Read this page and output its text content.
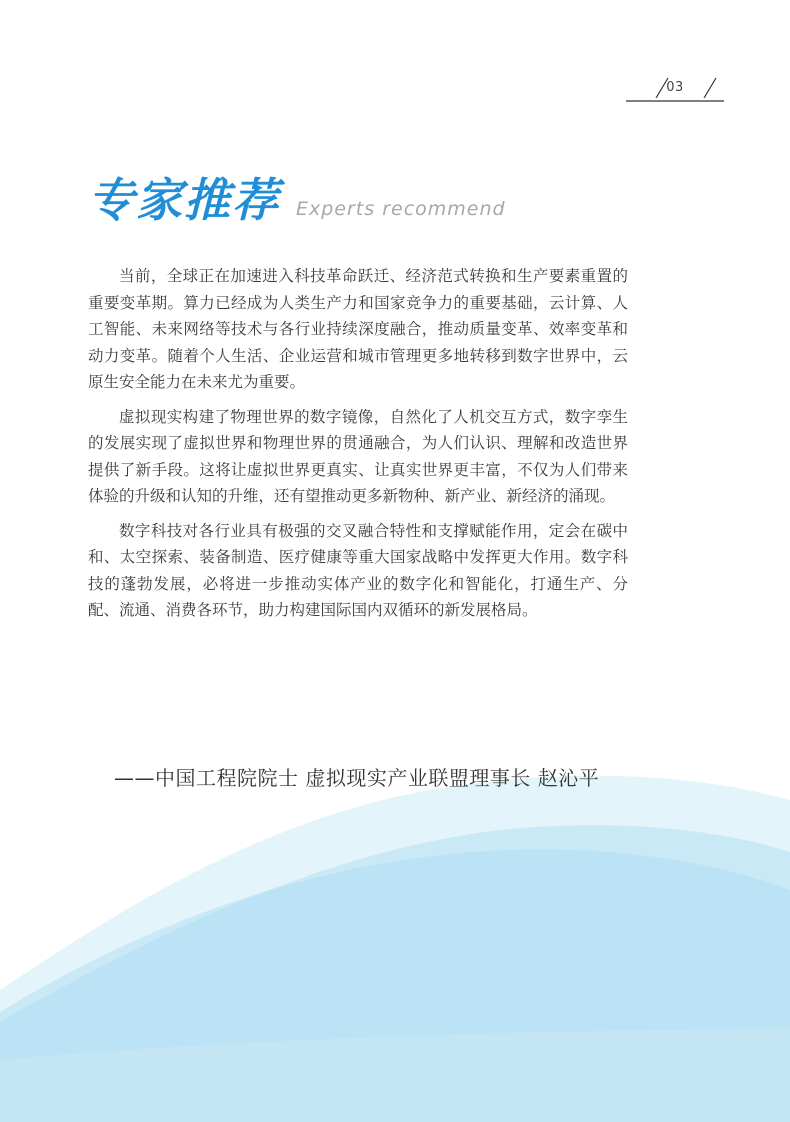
03
专家推荐 Experts recommend

当前，全球正在加速进入科技革命跃迁、经济范式转换和生产要素重置的重要变革期。算力已经成为人类生产力和国家竞争力的重要基础，云计算、人工智能、未来网络等技术与各行业持续深度融合，推动质量变革、效率变革和动力变革。随着个人生活、企业运营和城市管理更多地转移到数字世界中，云原生安全能力在未来尤为重要。

虚拟现实构建了物理世界的数字镜像，自然化了人机交互方式，数字孪生的发展实现了虚拟世界和物理世界的贯通融合，为人们认识、理解和改造世界提供了新手段。这将让虚拟世界更真实、让真实世界更丰富，不仅为人们带来体验的升级和认知的升维，还有望推动更多新物种、新产业、新经济的涌现。

数字科技对各行业具有极强的交叉融合特性和支撑赋能作用，定会在碳中和、太空探索、装备制造、医疗健康等重大国家战略中发挥更大作用。数字科技的蓬勃发展，必将进一步推动实体产业的数字化和智能化，打通生产、分配、流通、消费各环节，助力构建国际国内双循环的新发展格局。

——中国工程院院士 虚拟现实产业联盟理事长 赵沁平
